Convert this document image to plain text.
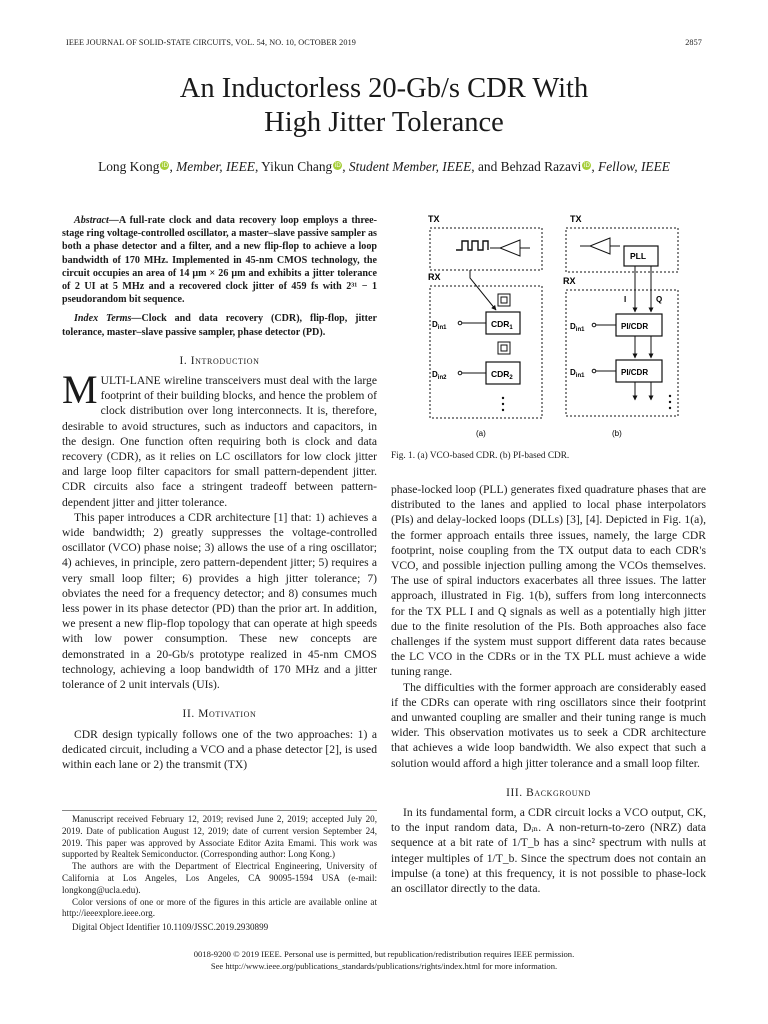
IEEE JOURNAL OF SOLID-STATE CIRCUITS, VOL. 54, NO. 10, OCTOBER 2019	2857
An Inductorless 20-Gb/s CDR With
High Jitter Tolerance
Long Kong iD, Member, IEEE, Yikun Chang iD, Student Member, IEEE, and Behzad Razavi iD, Fellow, IEEE
Abstract—A full-rate clock and data recovery loop employs a three-stage ring voltage-controlled oscillator, a master–slave passive sampler as both a phase detector and a filter, and a new flip-flop to achieve a loop bandwidth of 170 MHz. Implemented in 45-nm CMOS technology, the circuit occupies an area of 14 μm × 26 μm and exhibits a jitter tolerance of 2 UI at 5 MHz and a recovered clock jitter of 459 fs with 2³¹ − 1 pseudorandom bit sequence.
Index Terms—Clock and data recovery (CDR), flip-flop, jitter tolerance, master–slave passive sampler, phase detector (PD).
I. Introduction
MULTI-LANE wireline transceivers must deal with the large footprint of their building blocks, and hence the problem of clock distribution over long interconnects. It is, therefore, desirable to avoid structures, such as inductors and capacitors, in the design. One function often requiring both is clock and data recovery (CDR), as it relies on LC oscillators for low clock jitter and large loop filter capacitors for small pattern-dependent jitter. CDR circuits also face a stringent tradeoff between pattern-dependent jitter and jitter tolerance.
This paper introduces a CDR architecture [1] that: 1) achieves a wide bandwidth; 2) greatly suppresses the voltage-controlled oscillator (VCO) phase noise; 3) allows the use of a ring oscillator; 4) achieves, in principle, zero pattern-dependent jitter; 5) requires a very small loop filter; 6) provides a high jitter tolerance; 7) obviates the need for a frequency detector; and 8) consumes much less power in its phase detector (PD) than the prior art. In addition, we present a new flip-flop topology that can operate at high speeds with low power consumption. These new concepts are demonstrated in a 20-Gb/s prototype realized in 45-nm CMOS technology, achieving a loop bandwidth of 170 MHz and a jitter tolerance of 2 unit intervals (UIs).
II. Motivation
CDR design typically follows one of the two approaches: 1) a dedicated circuit, including a VCO and a phase detector [2], is used within each lane or 2) the transmit (TX)
Manuscript received February 12, 2019; revised June 2, 2019; accepted July 20, 2019. Date of publication August 12, 2019; date of current version September 24, 2019. This paper was approved by Associate Editor Azita Emami. This work was supported by Realtek Semiconductor. (Corresponding author: Long Kong.)
The authors are with the Department of Electrical Engineering, University of California at Los Angeles, Los Angeles, CA 90095-1594 USA (e-mail: longkong@ucla.edu).
Color versions of one or more of the figures in this article are available online at http://ieeexplore.ieee.org.
Digital Object Identifier 10.1109/JSSC.2019.2930899
TX
RX
$CDR_1$
$D_{in1}$
$CDR_2$
$D_{in2}$
(a)
TX
PLL
RX
I	Q
PI/CDR
$D_{in1}$
PI/CDR
$D_{in1}$
(b)
Fig. 1. (a) VCO-based CDR. (b) PI-based CDR.
phase-locked loop (PLL) generates fixed quadrature phases that are distributed to the lanes and applied to local phase interpolators (PIs) and delay-locked loops (DLLs) [3], [4]. Depicted in Fig. 1(a), the former approach entails three issues, namely, the large CDR footprint, noise coupling from the TX output data to each CDR's VCO, and possible injection pulling among the VCOs themselves. The use of spiral inductors exacerbates all three issues. The latter approach, illustrated in Fig. 1(b), suffers from long interconnects for the TX PLL I and Q signals as well as a potentially high jitter due to the finite resolution of the PIs. Both approaches also face challenges if the system must support different data rates because the LC VCO in the CDRs or in the TX PLL must achieve a wide tuning range.
The difficulties with the former approach are considerably eased if the CDRs can operate with ring oscillators since their footprint and unwanted coupling are smaller and their tuning range is much wider. This observation motivates us to seek a CDR architecture that achieves a wide loop bandwidth. We also expect that such a solution would afford a high jitter tolerance and a small loop filter.
III. Background
In its fundamental form, a CDR circuit locks a VCO output, CK, to the input random data, Dᵢₙ. A non-return-to-zero (NRZ) data sequence at a bit rate of 1/T_b has a sinc² spectrum with nulls at integer multiples of 1/T_b. Since the spectrum does not contain an impulse (a tone) at this frequency, it is not possible to phase-lock an oscillator directly to the data.
0018-9200 © 2019 IEEE. Personal use is permitted, but republication/redistribution requires IEEE permission.
See http://www.ieee.org/publications_standards/publications/rights/index.html for more information.
